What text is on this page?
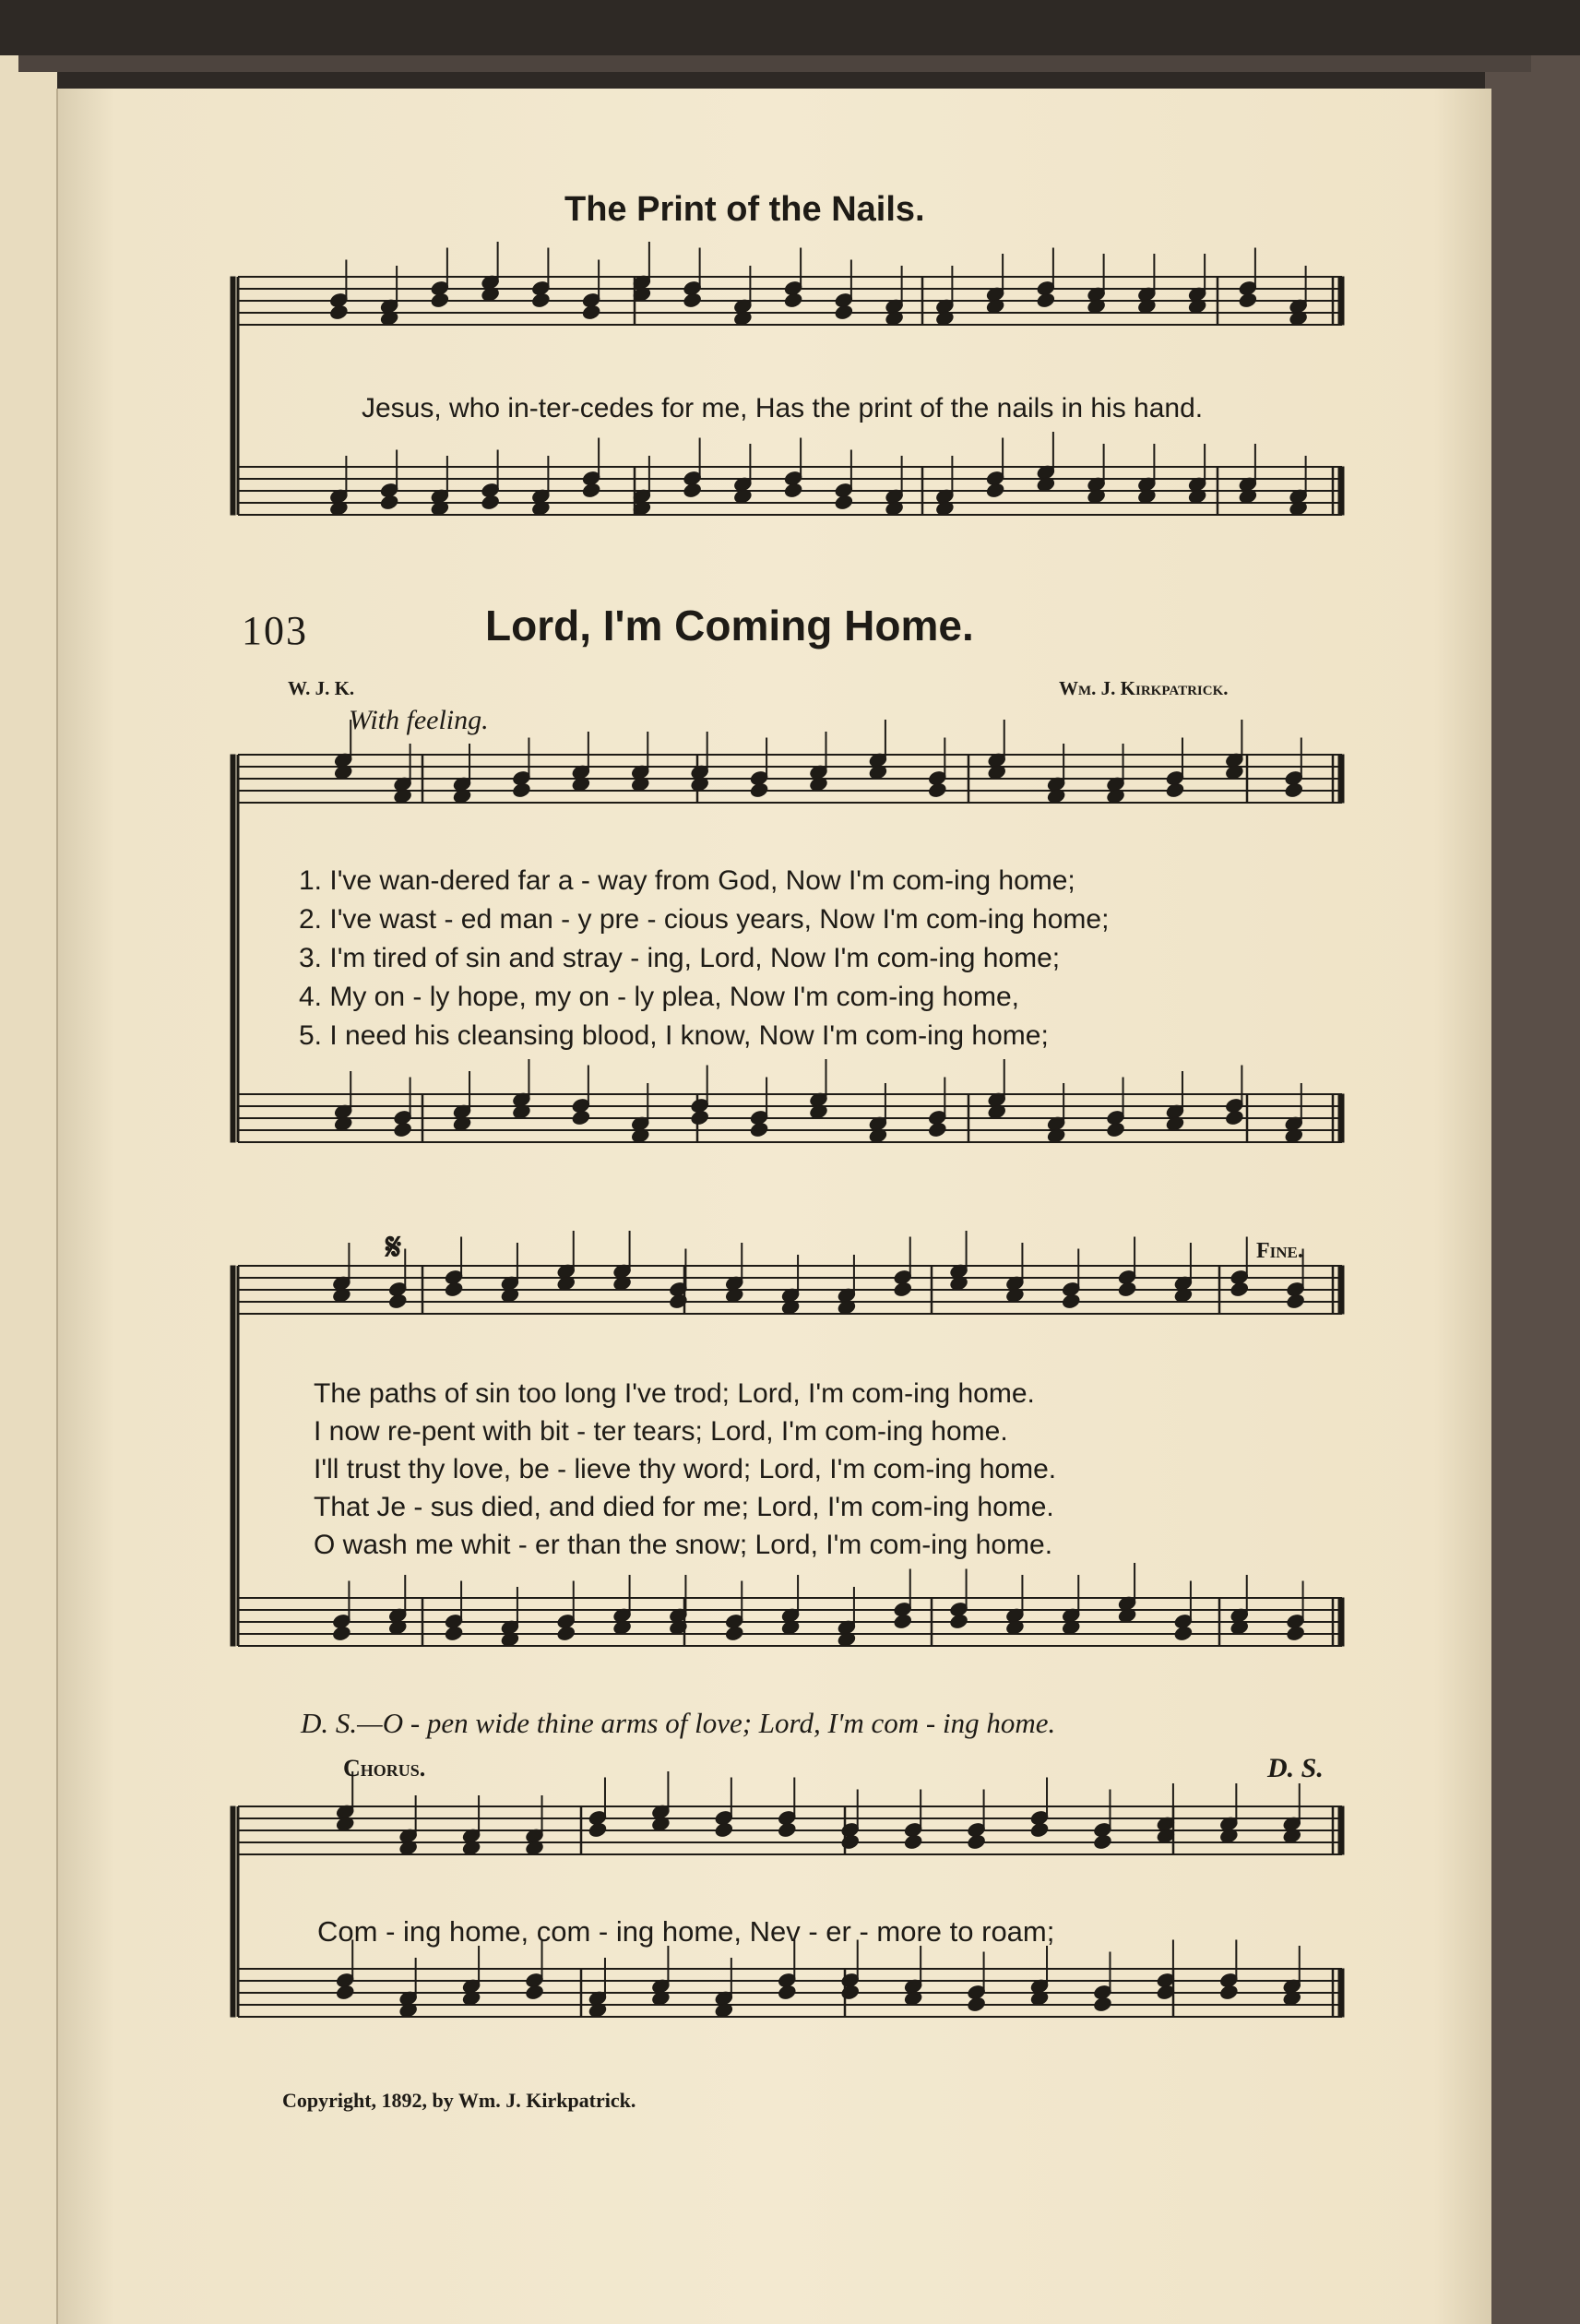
The Print of the Nails.
Jesus, who in-ter-cedes for me, Has the print of the nails in his hand.
103	Lord, I'm Coming Home.
W. J. K.	Wm. J. Kirkpatrick.
With feeling.
1. I've wan-dered far a - way from God, Now I'm com-ing home;
2. I've wast - ed man - y pre - cious years, Now I'm com-ing home;
3. I'm tired of sin and stray - ing, Lord, Now I'm com-ing home;
4. My on - ly hope, my on - ly plea, Now I'm com-ing home,
5. I need his cleansing blood, I know, Now I'm com-ing home;
𝄋	Fine.
The paths of sin too long I've trod; Lord, I'm com-ing home.
I now re-pent with bit - ter tears; Lord, I'm com-ing home.
I'll trust thy love, be - lieve thy word; Lord, I'm com-ing home.
That Je - sus died, and died for me; Lord, I'm com-ing home.
O wash me whit - er than the snow; Lord, I'm com-ing home.
D. S.—O - pen wide thine arms of love; Lord, I'm com - ing home.
Chorus.	D. S.
Com - ing home, com - ing home, Nev - er - more to roam;
Copyright, 1892, by Wm. J. Kirkpatrick.
